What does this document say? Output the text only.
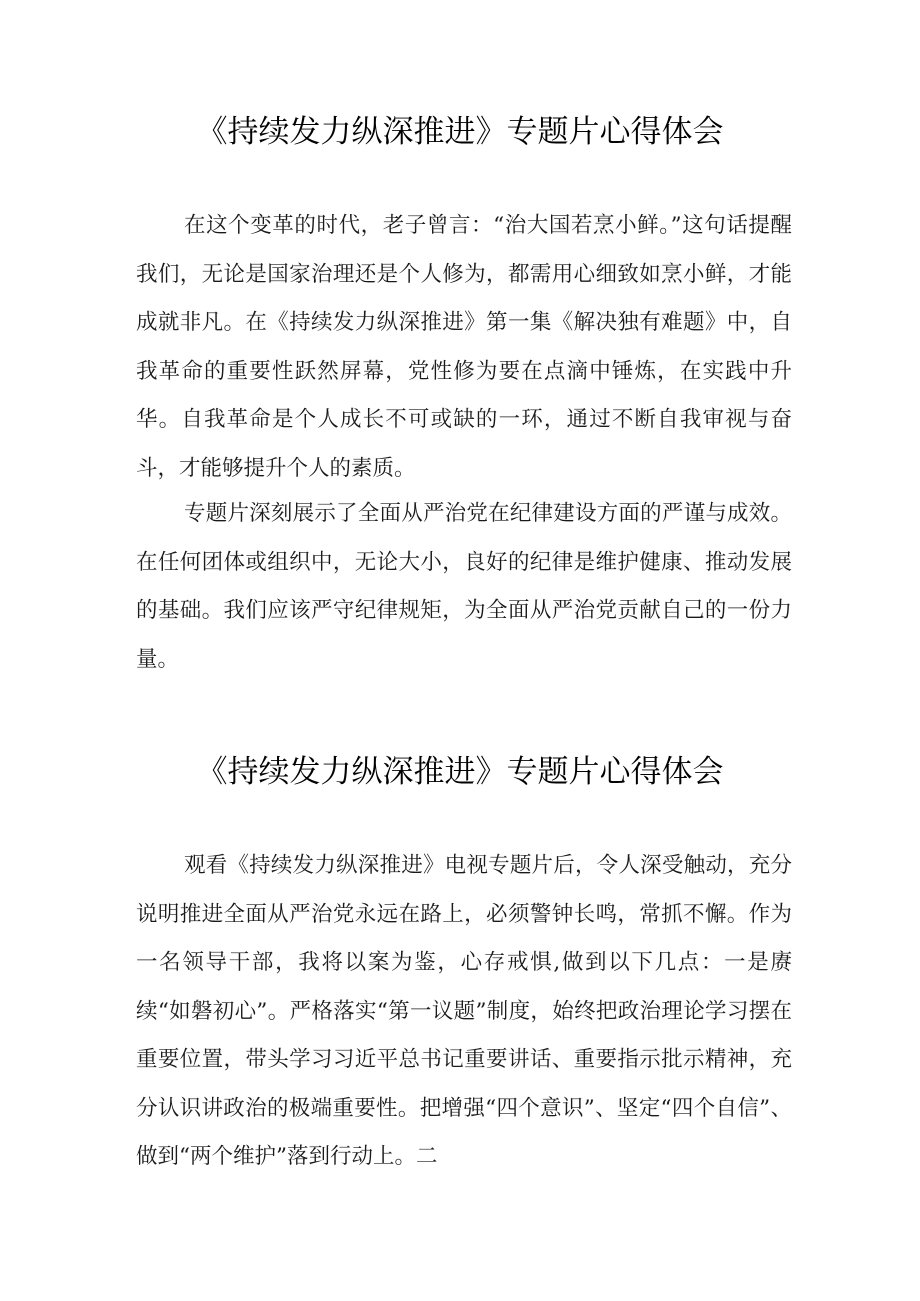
《持续发力纵深推进》专题片心得体会

在这个变革的时代，老子曾言：“治大国若烹小鲜。”这句话提醒我们，无论是国家治理还是个人修为，都需用心细致如烹小鲜，才能成就非凡。在《持续发力纵深推进》第一集《解决独有难题》中，自我革命的重要性跃然屏幕，党性修为要在点滴中锤炼，在实践中升华。自我革命是个人成长不可或缺的一环，通过不断自我审视与奋斗，才能够提升个人的素质。

专题片深刻展示了全面从严治党在纪律建设方面的严谨与成效。在任何团体或组织中，无论大小，良好的纪律是维护健康、推动发展的基础。我们应该严守纪律规矩，为全面从严治党贡献自己的一份力量。

《持续发力纵深推进》专题片心得体会

观看《持续发力纵深推进》电视专题片后，令人深受触动，充分说明推进全面从严治党永远在路上，必须警钟长鸣，常抓不懈。作为一名领导干部，我将以案为鉴，心存戒惧,做到以下几点：一是赓续“如磐初心”。严格落实“第一议题”制度，始终把政治理论学习摆在重要位置，带头学习习近平总书记重要讲话、重要指示批示精神，充分认识讲政治的极端重要性。把增强“四个意识”、坚定“四个自信”、做到“两个维护”落到行动上。二
